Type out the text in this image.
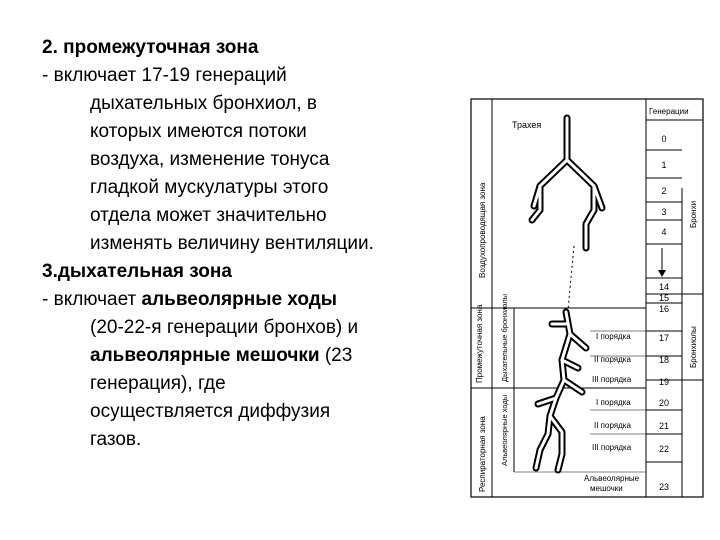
2. промежуточная зона

- включает 17-19 генераций

дыхательных бронхиол, в

которых имеются потоки

воздуха, изменение тонуса

гладкой мускулатуры этого

отдела может значительно

изменять величину вентиляции.

3.дыхательная зона

- включает альвеолярные ходы

(20-22-я генерации бронхов) и

альвеолярные мешочки (23

генерация), где

осуществляется диффузия

газов.

Генерации
Трахея
Воздухопроводящая зона
Промежуточная зона
Респираторная зона
Дыхательные бронхиолы
Альвеолярные ходы
Бронхи
Бронхиолы
I порядка
II порядка
III порядка
I порядка
II порядка
III порядка
Альвеолярные
мешочки
0
1
2
3
4
14
15
16
17
18
19
20
21
22
23
